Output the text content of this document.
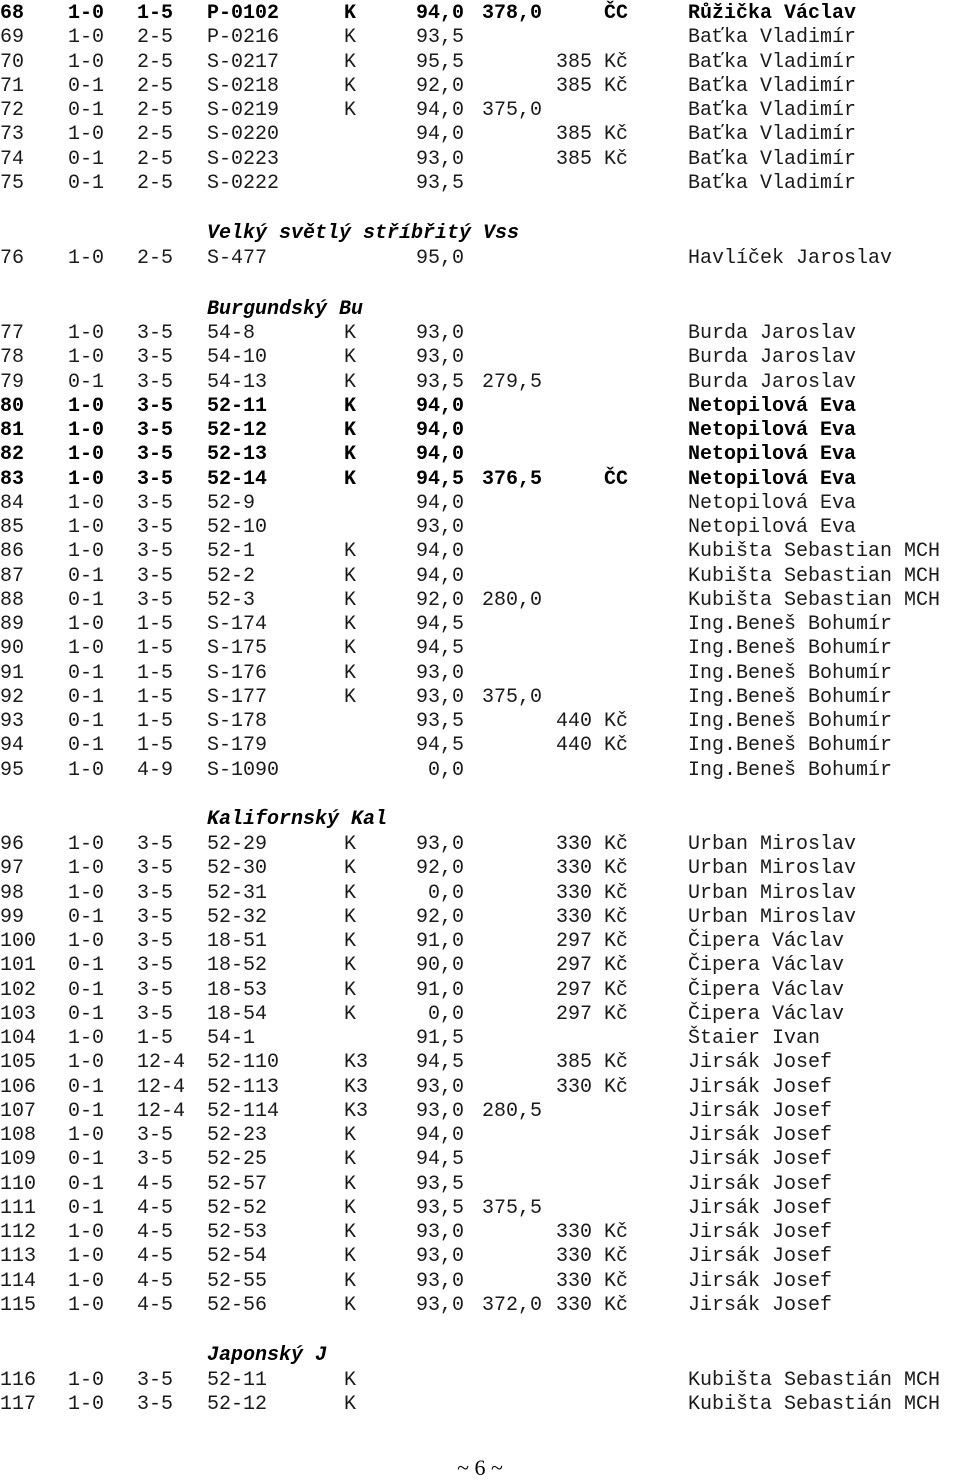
68 1-0 1-5 P-0102	K	94,0 378,0	ČC	Růžička Václav
69 1-0 2-5 P-0216	K	93,5	Baťka Vladimír
70 1-0 2-5 S-0217	K	95,5	385 Kč	Baťka Vladimír
71 0-1 2-5 S-0218	K	92,0	385 Kč	Baťka Vladimír
72 0-1 2-5 S-0219	K	94,0 375,0	Baťka Vladimír
73 1-0 2-5 S-0220	94,0	385 Kč	Baťka Vladimír
74 0-1 2-5 S-0223	93,0	385 Kč	Baťka Vladimír
75 0-1 2-5 S-0222	93,5	Baťka Vladimír
Velký světlý stříbřitý Vss
76 1-0 2-5 S-477	95,0	Havlíček Jaroslav
Burgundský Bu
77 1-0 3-5 54-8	K	93,0	Burda Jaroslav
78 1-0 3-5 54-10	K	93,0	Burda Jaroslav
79 0-1 3-5 54-13	K	93,5 279,5	Burda Jaroslav
80 1-0 3-5 52-11	K	94,0	Netopilová Eva
81 1-0 3-5 52-12	K	94,0	Netopilová Eva
82 1-0 3-5 52-13	K	94,0	Netopilová Eva
83 1-0 3-5 52-14	K	94,5 376,5	ČC	Netopilová Eva
84 1-0 3-5 52-9	94,0	Netopilová Eva
85 1-0 3-5 52-10	93,0	Netopilová Eva
86 1-0 3-5 52-1	K	94,0	Kubišta Sebastian MCH
87 0-1 3-5 52-2	K	94,0	Kubišta Sebastian MCH
88 0-1 3-5 52-3	K	92,0 280,0	Kubišta Sebastian MCH
89 1-0 1-5 S-174	K	94,5	Ing.Beneš Bohumír
90 1-0 1-5 S-175	K	94,5	Ing.Beneš Bohumír
91 0-1 1-5 S-176	K	93,0	Ing.Beneš Bohumír
92 0-1 1-5 S-177	K	93,0 375,0	Ing.Beneš Bohumír
93 0-1 1-5 S-178	93,5	440 Kč	Ing.Beneš Bohumír
94 0-1 1-5 S-179	94,5	440 Kč	Ing.Beneš Bohumír
95 1-0 4-9 S-1090	0,0	Ing.Beneš Bohumír
Kalifornský Kal
96 1-0 3-5 52-29	K	93,0	330 Kč	Urban Miroslav
97 1-0 3-5 52-30	K	92,0	330 Kč	Urban Miroslav
98 1-0 3-5 52-31	K	0,0	330 Kč	Urban Miroslav
99 0-1 3-5 52-32	K	92,0	330 Kč	Urban Miroslav
100 1-0 3-5 18-51	K	91,0	297 Kč	Čipera Václav
101 0-1 3-5 18-52	K	90,0	297 Kč	Čipera Václav
102 0-1 3-5 18-53	K	91,0	297 Kč	Čipera Václav
103 0-1 3-5 18-54	K	0,0	297 Kč	Čipera Václav
104 1-0 1-5 54-1	91,5	Štaier Ivan
105 1-0 12-4 52-110	K3	94,5	385 Kč	Jirsák Josef
106 0-1 12-4 52-113	K3	93,0	330 Kč	Jirsák Josef
107 0-1 12-4 52-114	K3	93,0 280,5	Jirsák Josef
108 1-0 3-5 52-23	K	94,0	Jirsák Josef
109 0-1 3-5 52-25	K	94,5	Jirsák Josef
110 0-1 4-5 52-57	K	93,5	Jirsák Josef
111 0-1 4-5 52-52	K	93,5 375,5	Jirsák Josef
112 1-0 4-5 52-53	K	93,0	330 Kč	Jirsák Josef
113 1-0 4-5 52-54	K	93,0	330 Kč	Jirsák Josef
114 1-0 4-5 52-55	K	93,0	330 Kč	Jirsák Josef
115 1-0 4-5 52-56	K	93,0 372,0 330 Kč	Jirsák Josef
Japonský J
116 1-0 3-5 52-11	K	Kubišta Sebastián MCH
117 1-0 3-5 52-12	K	Kubišta Sebastián MCH
~ 6 ~
